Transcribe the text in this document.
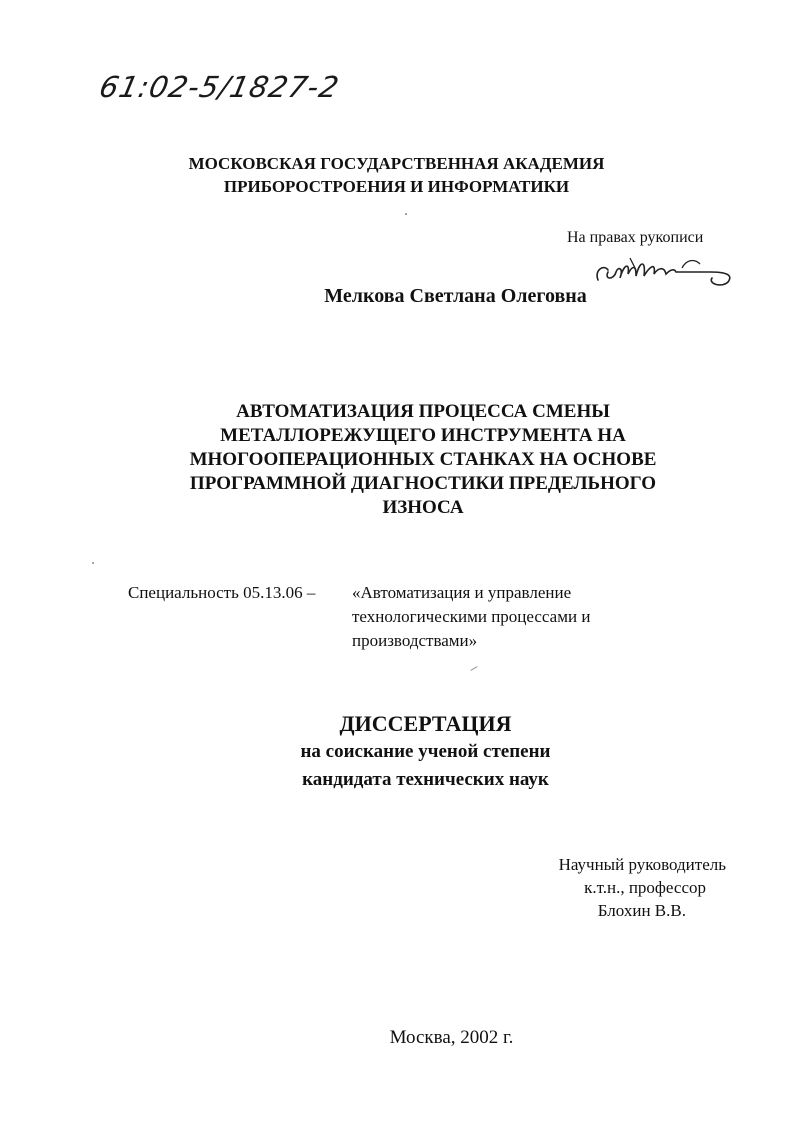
61:02-5/1827-2
МОСКОВСКАЯ ГОСУДАРСТВЕННАЯ АКАДЕМИЯ
ПРИБОРОСТРОЕНИЯ И ИНФОРМАТИКИ
На правах рукописи
Мелкова Светлана Олеговна
АВТОМАТИЗАЦИЯ ПРОЦЕССА СМЕНЫ
МЕТАЛЛОРЕЖУЩЕГО ИНСТРУМЕНТА НА
МНОГООПЕРАЦИОННЫХ СТАНКАХ НА ОСНОВЕ
ПРОГРАММНОЙ ДИАГНОСТИКИ ПРЕДЕЛЬНОГО
ИЗНОСА
Специальность 05.13.06 –	«Автоматизация и управление
технологическими процессами и
производствами»
ДИССЕРТАЦИЯ
на соискание ученой степени
кандидата технических наук
Научный руководитель
к.т.н., профессор
Блохин В.В.
Москва, 2002 г.
